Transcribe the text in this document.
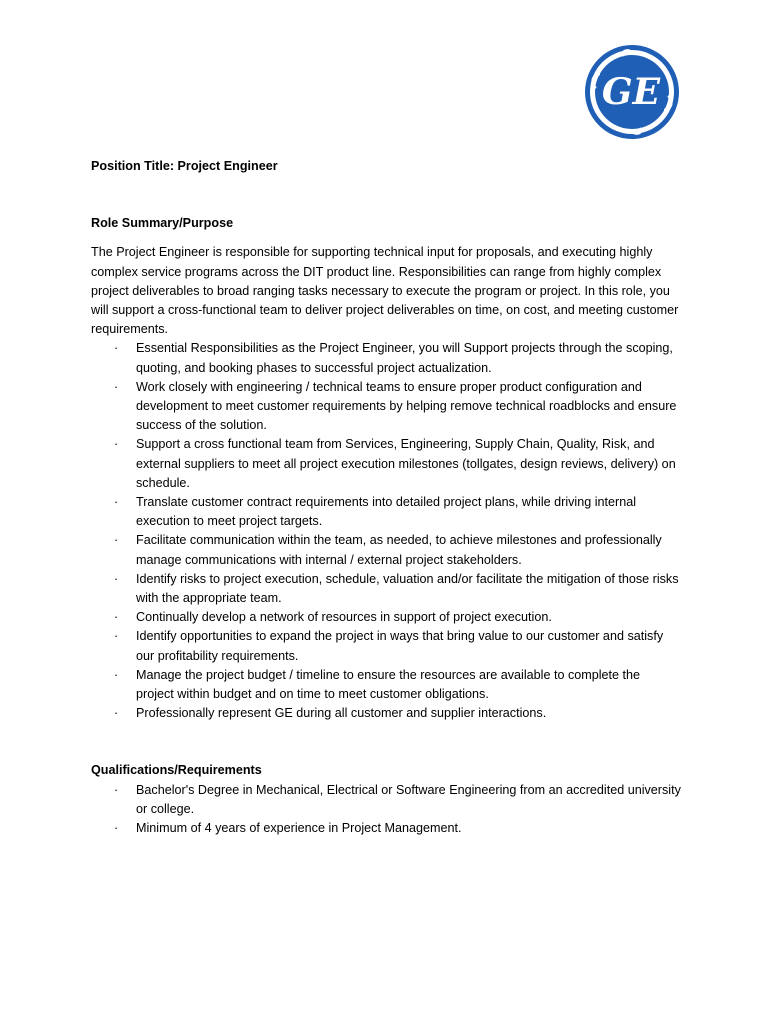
GE

Position Title: Project Engineer

Role Summary/Purpose

The Project Engineer is responsible for supporting technical input for proposals, and executing highly complex service programs across the DIT product line. Responsibilities can range from highly complex project deliverables to broad ranging tasks necessary to execute the program or project. In this role, you will support a cross-functional team to deliver project deliverables on time, on cost, and meeting customer requirements.

· Essential Responsibilities as the Project Engineer, you will Support projects through the scoping, quoting, and booking phases to successful project actualization.
· Work closely with engineering / technical teams to ensure proper product configuration and development to meet customer requirements by helping remove technical roadblocks and ensure success of the solution.
· Support a cross functional team from Services, Engineering, Supply Chain, Quality, Risk, and external suppliers to meet all project execution milestones (tollgates, design reviews, delivery) on schedule.
· Translate customer contract requirements into detailed project plans, while driving internal execution to meet project targets.
· Facilitate communication within the team, as needed, to achieve milestones and professionally manage communications with internal / external project stakeholders.
· Identify risks to project execution, schedule, valuation and/or facilitate the mitigation of those risks with the appropriate team.
· Continually develop a network of resources in support of project execution.
· Identify opportunities to expand the project in ways that bring value to our customer and satisfy our profitability requirements.
· Manage the project budget / timeline to ensure the resources are available to complete the project within budget and on time to meet customer obligations.
· Professionally represent GE during all customer and supplier interactions.

Qualifications/Requirements

· Bachelor's Degree in Mechanical, Electrical or Software Engineering from an accredited university or college.
· Minimum of 4 years of experience in Project Management.
